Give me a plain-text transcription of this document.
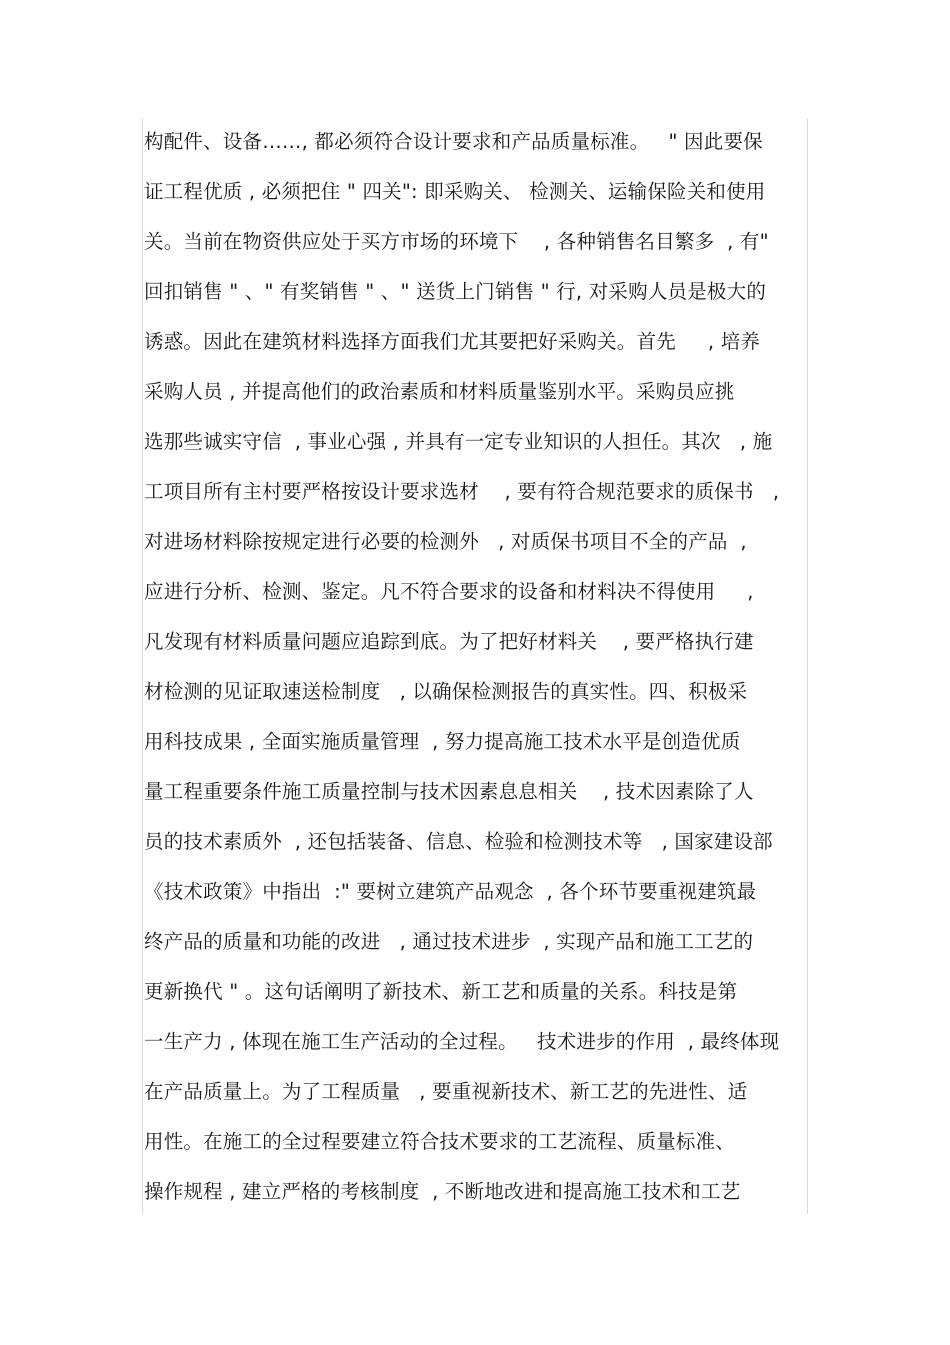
构配件、设备……, 都必须符合设计要求和产品质量标准。   " 因此要保
证工程优质 , 必须把住 " 四关": 即采购关、 检测关、运输保险关和使用
关。当前在物资供应处于买方市场的环境下    , 各种销售名目繁多  , 有"
回扣销售 " 、" 有奖销售 " 、" 送货上门销售 " 行, 对采购人员是极大的
诱惑。因此在建筑材料选择方面我们尤其要把好采购关。首先     , 培养
采购人员 , 并提高他们的政治素质和材料质量鉴别水平。采购员应挑
选那些诚实守信  , 事业心强 , 并具有一定专业知识的人担任。其次   , 施
工项目所有主村要严格按设计要求选材    , 要有符合规范要求的质保书   ,
对进场材料除按规定进行必要的检测外   , 对质保书项目不全的产品  ,
应进行分析、检测、鉴定。凡不符合要求的设备和材料决不得使用     ,
凡发现有材料质量问题应追踪到底。为了把好材料关    , 要严格执行建
材检测的见证取速送检制度   , 以确保检测报告的真实性。四、积极采
用科技成果 , 全面实施质量管理  , 努力提高施工技术水平是创造优质
量工程重要条件施工质量控制与技术因素息息相关    , 技术因素除了人
员的技术素质外  , 还包括装备、信息、检验和检测技术等   , 国家建设部
《技术政策》中指出  :" 要树立建筑产品观念  , 各个环节要重视建筑最
终产品的质量和功能的改进   , 通过技术进步  , 实现产品和施工工艺的
更新换代 " 。这句话阐明了新技术、新工艺和质量的关系。科技是第
一生产力 , 体现在施工生产活动的全过程。   技术进步的作用  , 最终体现
在产品质量上。为了工程质量   , 要重视新技术、新工艺的先进性、适
用性。在施工的全过程要建立符合技术要求的工艺流程、质量标准、
操作规程 , 建立严格的考核制度  , 不断地改进和提高施工技术和工艺
